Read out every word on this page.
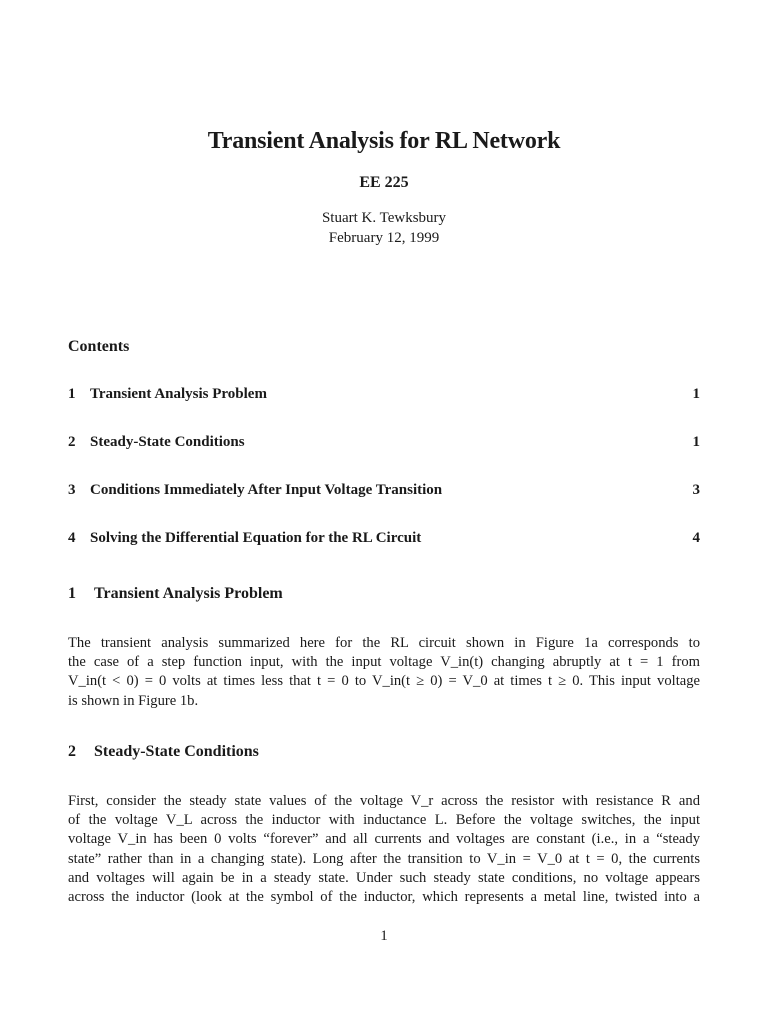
Transient Analysis for RL Network
EE 225
Stuart K. Tewksbury
February 12, 1999
Contents
1 Transient Analysis Problem	1
2 Steady-State Conditions	1
3 Conditions Immediately After Input Voltage Transition	3
4 Solving the Differential Equation for the RL Circuit	4
1 Transient Analysis Problem
The transient analysis summarized here for the RL circuit shown in Figure 1a corresponds to
the case of a step function input, with the input voltage V_in(t) changing abruptly at t = 1 from
V_in(t < 0) = 0 volts at times less that t = 0 to V_in(t ≥ 0) = V_0 at times t ≥ 0. This input voltage
is shown in Figure 1b.
2 Steady-State Conditions
First, consider the steady state values of the voltage V_r across the resistor with resistance R and
of the voltage V_L across the inductor with inductance L. Before the voltage switches, the input
voltage V_in has been 0 volts “forever” and all currents and voltages are constant (i.e., in a “steady
state” rather than in a changing state). Long after the transition to V_in = V_0 at t = 0, the currents
and voltages will again be in a steady state. Under such steady state conditions, no voltage appears
across the inductor (look at the symbol of the inductor, which represents a metal line, twisted into a
1
